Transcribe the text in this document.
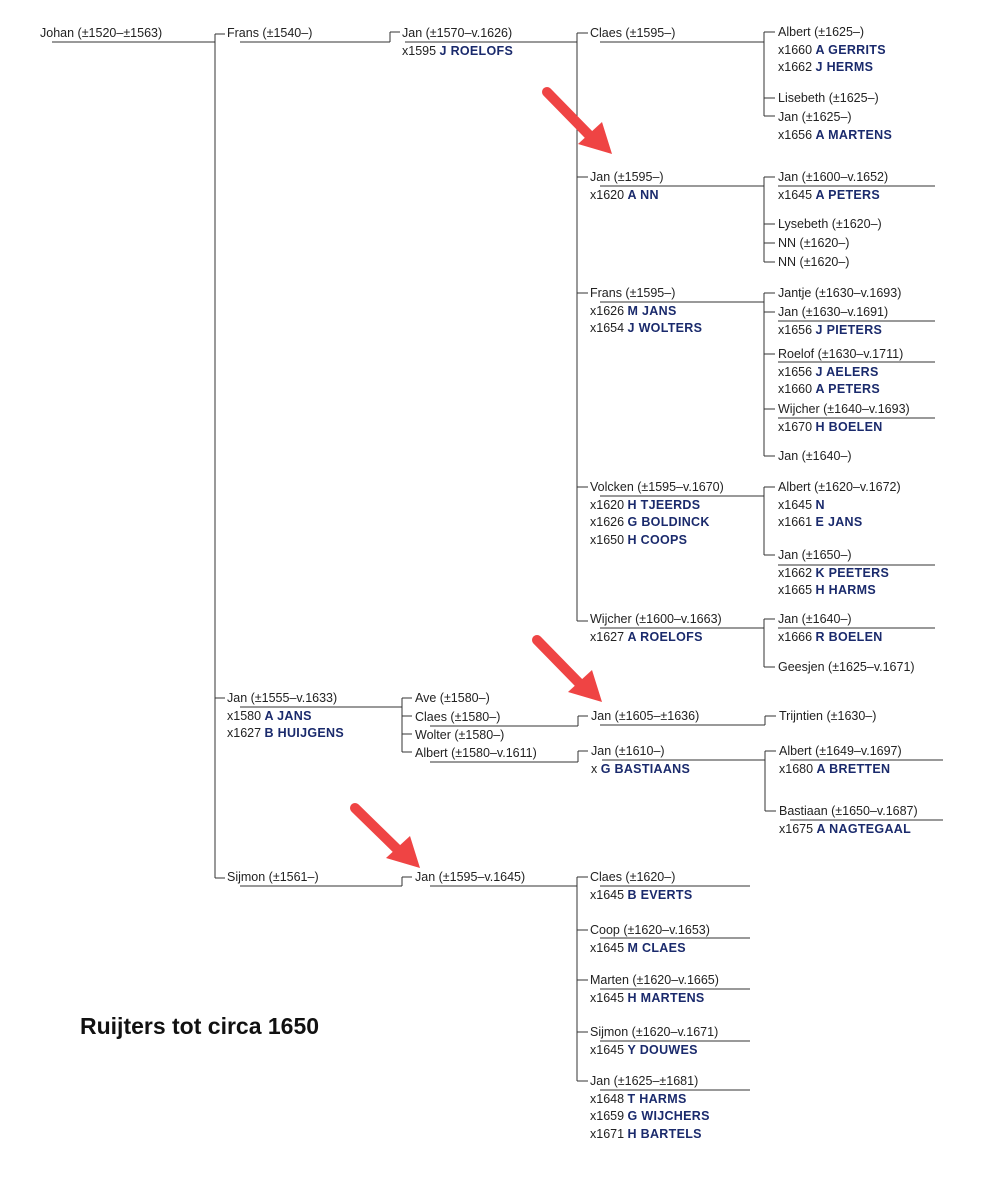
Johan (±1520–±1563)	Frans (±1540–)	Jan (±1570–v.1626)
x1595 J ROELOFS
Claes (±1595–)	Albert (±1625–)
x1660 A GERRITS
x1662 J HERMS
Lisebeth (±1625–)
Jan (±1625–)
x1656 A MARTENS
Jan (±1595–)
x1620 A NN
Jan (±1600–v.1652)
x1645 A PETERS
Lysebeth (±1620–)
NN (±1620–)
NN (±1620–)
Frans (±1595–)
x1626 M JANS
x1654 J WOLTERS
Jantje (±1630–v.1693)
Jan (±1630–v.1691)
x1656 J PIETERS
Roelof (±1630–v.1711)
x1656 J AELERS
x1660 A PETERS
Wijcher (±1640–v.1693)
x1670 H BOELEN
Jan (±1640–)
Volcken (±1595–v.1670)
x1620 H TJEERDS
x1626 G BOLDINCK
x1650 H COOPS
Albert (±1620–v.1672)
x1645 N
x1661 E JANS
Jan (±1650–)
x1662 K PEETERS
x1665 H HARMS
Wijcher (±1600–v.1663)
x1627 A ROELOFS
Jan (±1640–)
x1666 R BOELEN
Geesjen (±1625–v.1671)
Jan (±1555–v.1633)
x1580 A JANS
x1627 B HUIJGENS
Ave (±1580–)
Claes (±1580–)
Wolter (±1580–)
Albert (±1580–v.1611)
Jan (±1605–±1636)	Trijntien (±1630–)
Jan (±1610–)
x G BASTIAANS
Albert (±1649–v.1697)
x1680 A BRETTEN
Bastiaan (±1650–v.1687)
x1675 A NAGTEGAAL
Sijmon (±1561–)	Jan (±1595–v.1645)	Claes (±1620–)
x1645 B EVERTS
Coop (±1620–v.1653)
x1645 M CLAES
Marten (±1620–v.1665)
x1645 H MARTENS
Sijmon (±1620–v.1671)
x1645 Y DOUWES
Jan (±1625–±1681)
x1648 T HARMS
x1659 G WIJCHERS
x1671 H BARTELS
Ruijters tot circa 1650
